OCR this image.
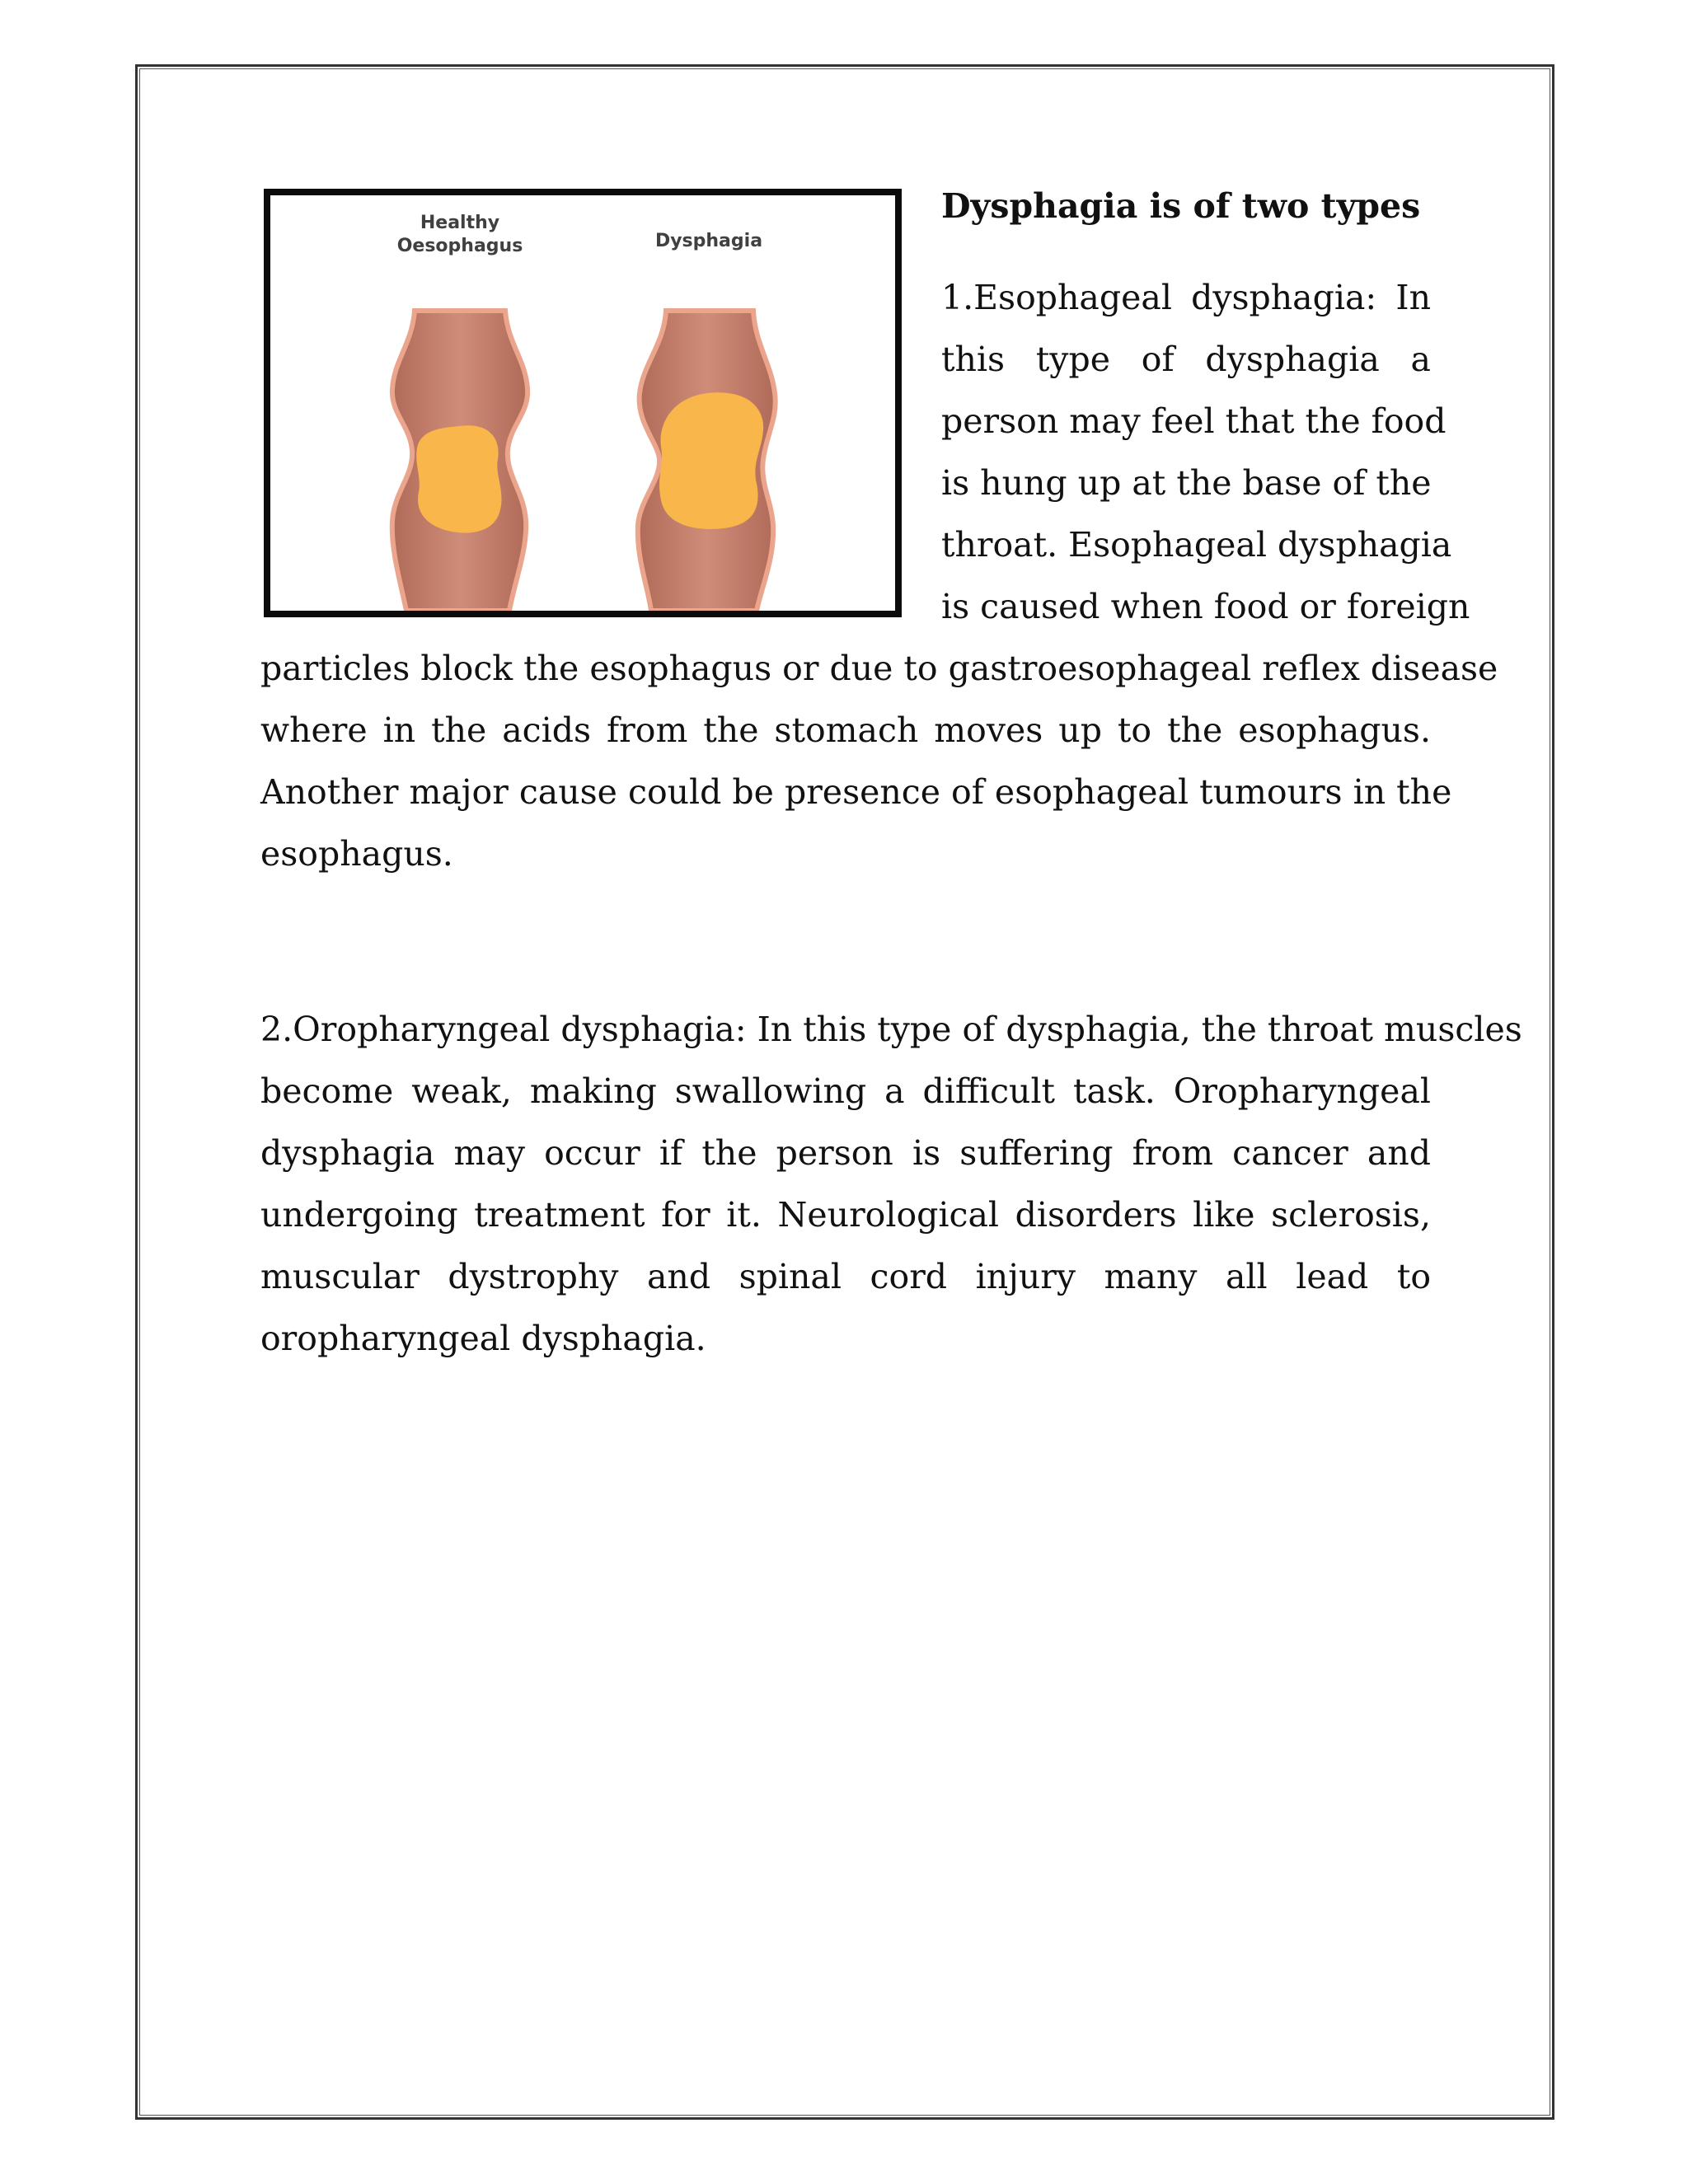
Healthy
Oesophagus	Dysphagia
Dysphagia is of two types
1.Esophageal dysphagia: In
this type of dysphagia a
person may feel that the food
is hung up at the base of the
throat. Esophageal dysphagia
is caused when food or foreign
particles block the esophagus or due to gastroesophageal reflex disease
where in the acids from the stomach moves up to the esophagus.
Another major cause could be presence of esophageal tumours in the
esophagus.
2.Oropharyngeal dysphagia: In this type of dysphagia, the throat muscles
become weak, making swallowing a difficult task. Oropharyngeal
dysphagia may occur if the person is suffering from cancer and
undergoing treatment for it. Neurological disorders like sclerosis,
muscular dystrophy and spinal cord injury many all lead to
oropharyngeal dysphagia.
